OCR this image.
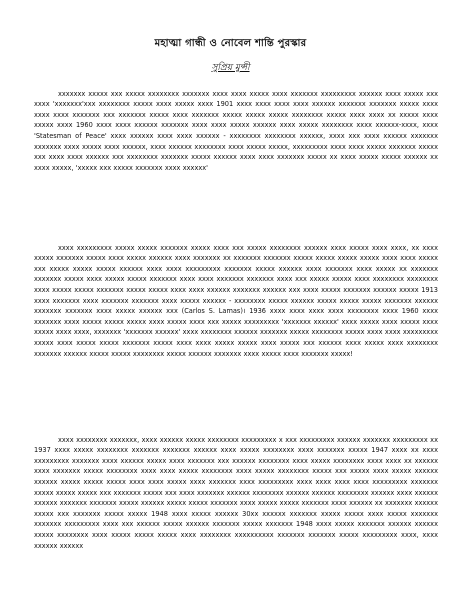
মহাত্মা গান্ধী ও নোবেল শান্তি পুরস্কার
সুপ্রিয় মুন্সী

xxxxxxx xxxxx xxx xxxxx xxxxxxxx xxxxxxx xxxx xxxx xxxxx xxxx xxxxxxx xxxxxxxxx xxxxxx xxxx xxxxx xxx xxxx 'xxxxxxx'xxx xxxxxxxx xxxxx xxxx xxxxx xxxx 1901 xxxx xxxx xxxx xxxx xxxxxx xxxxxxx xxxxxxx xxxxx xxxx xxxx xxxx xxxxxxx xxx xxxxxxx xxxxx xxxx xxxxxxx xxxxx xxxxx xxxxx xxxxxxxx xxxxx xxxx xxxx xx xxxxx xxxx xxxxx xxxx 1960 xxxx xxxx xxxxxx xxxxxxx xxxx xxxx xxxxx xxxxxx xxxx xxxxx xxxxxxxx xxxx xxxxxx-xxxx, xxxx 'Statesman of Peace' xxxx xxxxxx xxxx xxxx xxxxxx - xxxxxxxx xxxxxxxx xxxxxx, xxxx xxx xxxx xxxxxx xxxxxxx xxxxxxx xxxx xxxxx xxxx xxxxxx, xxxx xxxxxx xxxxxxxx xxxx xxxxx xxxxx, xxxxxxxxx xxxx xxxx xxxxx xxxxxxx xxxxx xxx xxxx xxxx xxxxxx xxx xxxxxxxx xxxxxxx xxxxx xxxxxx xxxx xxxx xxxxxxx xxxxx xx xxxx xxxxx xxxxx xxxxxx xx xxxx xxxxx, 'xxxxx xxx xxxxx xxxxxxx xxxx xxxxxx'

xxxx xxxxxxxxx xxxxx xxxxx xxxxxxx xxxxx xxxx xxx xxxxx xxxxxxxx xxxxxx xxxx xxxxx xxxx xxxx, xx xxxx xxxxx xxxxxxx xxxxx xxxx xxxxx xxxxxx xxxx xxxxxxx xx xxxxxxx xxxxxxx xxxxx xxxxx xxxxx xxxxx xxxx xxxx xxxxx xxx xxxxx xxxxx xxxxx xxxxxx xxxx xxxx xxxxxxxxx xxxxxxx xxxxx xxxxxx xxxx xxxxxxx xxxx xxxxx xx xxxxxxx xxxxxxx xxxxx xxxx xxxxx xxxxx xxxxxxx xxxx xxxx xxxxxxx xxxxxxx xxxx xxx xxxxx xxxxx xxxx xxxxxxxx xxxxxxxx xxxx xxxxx xxxxx xxxxxxx xxxxx xxxxx xxxx xxxx xxxxxx xxxxxxx xxxxxx xxx xxxx xxxxx xxxxxxx xxxxxx xxxxx 1913 xxxx xxxxxxx xxxx xxxxxxx xxxxxxx xxxx xxxxx xxxxxx - xxxxxxxx xxxxx xxxxxx xxxxx xxxxx xxxxx xxxxxxx xxxxxx xxxxxxx xxxxxxx xxxx xxxxx xxxxxx xxx (Carlos S. Lamas)। 1936 xxxx xxxx xxxx xxxx xxxxxxxx xxxx 1960 xxxx xxxxxxx xxxx xxxxx xxxxx xxxxx xxxx xxxxx xxxx xxx xxxxx xxxxxxxxx 'xxxxxxx xxxxxx' xxxx xxxxx xxxx xxxxx xxxx xxxxx xxxx xxxx, xxxxxxx 'xxxxxxx xxxxxx' xxxx xxxxxxxx xxxxxx xxxxxxx xxxxx xxxxxxxx xxxxx xxxx xxxx xxxxxxxxx xxxxx xxxx xxxxx xxxxx xxxxxxx xxxxx xxxx xxxx xxxxx xxxxx xxxx xxxxx xxx xxxxxx xxxx xxxxx xxxx xxxxxxxx xxxxxxx xxxxxx xxxxx xxxxx xxxxxxxx xxxxx xxxxxx xxxxxxx xxxx xxxxx xxxx xxxxxxx xxxxx!

xxxx xxxxxxxx xxxxxxx, xxxx xxxxxx xxxxx xxxxxxxx xxxxxxxxx x xxx xxxxxxxxx xxxxxx xxxxxxx xxxxxxxxx xx 1937 xxxx xxxxx xxxxxxxx xxxxxxx xxxxxxx xxxxxx xxxx xxxxx xxxxxxxx xxxx xxxxxxx xxxxx 1947 xxxx xx xxxx xxxxxxxxx xxxxxxx xxxx xxxxxx xxxxx xxxx xxxxxxx xxx xxxxxx xxxxxxxx xxxx xxxxx xxxxxxxx xxxx xxxx xx xxxxxx xxxx xxxxxxx xxxxx xxxxxxxx xxxx xxxx xxxxx xxxxxxxx xxxx xxxxx xxxxxxxx xxxxx xxx xxxxx xxxx xxxxx xxxxxx xxxxxx xxxxx xxxxx xxxxx xxxx xxxx xxxxx xxxx xxxxxxx xxxx xxxxxxxxx xxxx xxxx xxxx xxxx xxxxxxxxx xxxxxxx xxxxx xxxxx xxxxx xxx xxxxxxx xxxxx xxx xxxx xxxxxxx xxxxxx xxxxxxxx xxxxxx xxxxxx xxxxxxxx xxxxxx xxxx xxxxxx xxxxxx xxxxxxx xxxxxxx xxxxx xxxxxx xxxxx xxxxx xxxxxxx xxxx xxxxx xxxxx xxxxxxx xxxx xxxxxx xx xxxxxxx xxxxxx xxxxx xxx xxxxxxx xxxxx xxxxx 1948 xxxx xxxxx xxxxxx 30xx xxxxxx xxxxxxx xxxxx xxxxx xxxx xxxxx xxxxxxx xxxxxxx xxxxxxxxx xxxx xxx xxxxxx xxxxx xxxxxx xxxxxxx xxxxx xxxxxxx 1948 xxxx xxxxx xxxxxxx xxxxxx xxxxxx xxxxx xxxxxxxx xxxx xxxxx xxxxx xxxxx xxxx xxxxxxxx xxxxxxxxxx xxxxxxx xxxxxxx xxxxx xxxxxxxxx xxxx, xxxx xxxxxx xxxxxx
